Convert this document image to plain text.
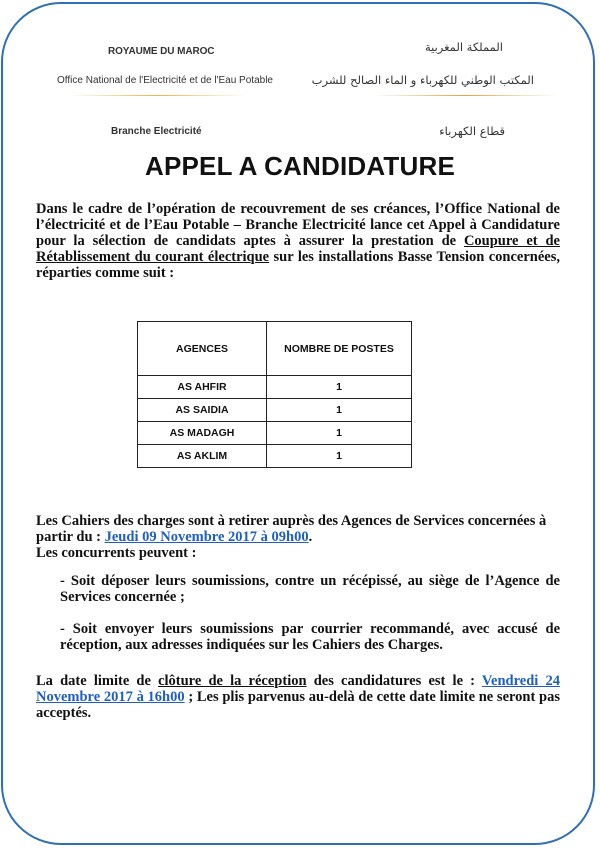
ROYAUME DU MAROC
Office National de l'Electricité et de l'Eau Potable
Branche Electricité
المملكة المغربية
المكتب الوطني للكهرباء و الماء الصالح للشرب
قطاع الكهرباء
APPEL A CANDIDATURE
Dans le cadre de l’opération de recouvrement de ses créances, l’Office National de l’électricité et de l’Eau Potable – Branche Electricité lance cet Appel à Candidature pour la sélection de candidats aptes à assurer la prestation de Coupure et de Rétablissement du courant électrique sur les installations Basse Tension concernées, réparties comme suit :
AGENCES	NOMBRE DE POSTES
AS AHFIR	1
AS SAIDIA	1
AS MADAGH	1
AS AKLIM	1
Les Cahiers des charges sont à retirer auprès des Agences de Services concernées à partir du : Jeudi 09 Novembre 2017 à 09h00.
Les concurrents peuvent :
- Soit déposer leurs soumissions, contre un récépissé, au siège de l’Agence de Services concernée ;
- Soit envoyer leurs soumissions par courrier recommandé, avec accusé de réception, aux adresses indiquées sur les Cahiers des Charges.
La date limite de clôture de la réception des candidatures est le : Vendredi 24 Novembre 2017 à 16h00 ; Les plis parvenus au-delà de cette date limite ne seront pas acceptés.
